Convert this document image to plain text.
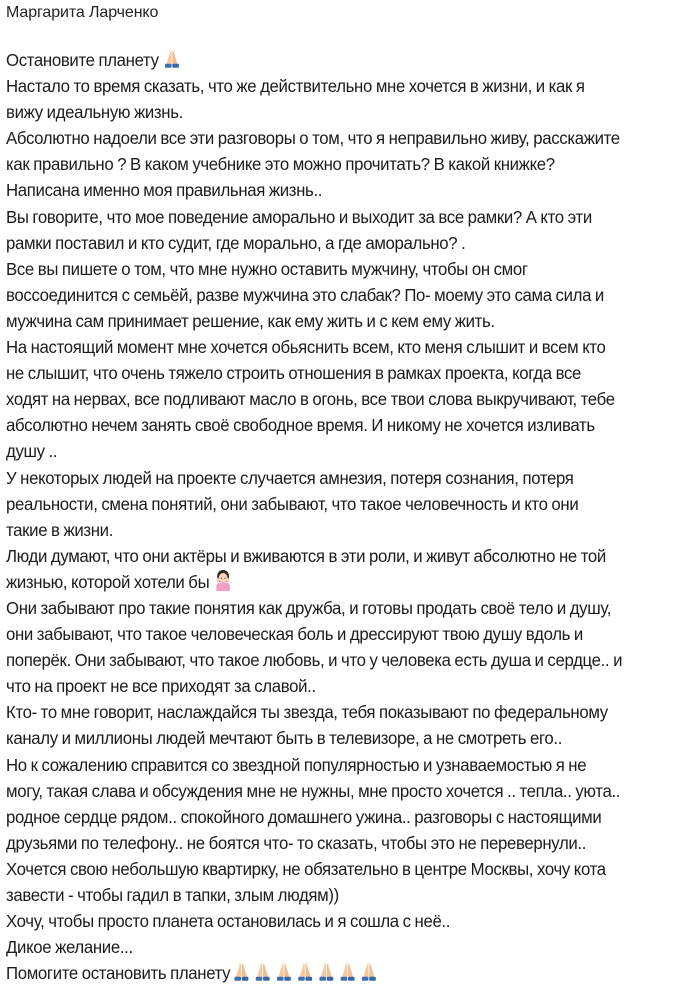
Маргарита Ларченко
Остановите планету
Настало то время сказать, что же действительно мне хочется в жизни, и как я
вижу идеальную жизнь.
Абсолютно надоели все эти разговоры о том, что я неправильно живу, расскажите
как правильно ? В каком учебнике это можно прочитать? В какой книжке?
Написана именно моя правильная жизнь..
Вы говорите, что мое поведение аморально и выходит за все рамки? А кто эти
рамки поставил и кто судит, где морально, а где аморально? .
Все вы пишете о том, что мне нужно оставить мужчину, чтобы он смог
воссоединится с семьёй, разве мужчина это слабак? По- моему это сама сила и
мужчина сам принимает решение, как ему жить и с кем ему жить.
На настоящий момент мне хочется обьяснить всем, кто меня слышит и всем кто
не слышит, что очень тяжело строить отношения в рамках проекта, когда все
ходят на нервах, все подливают масло в огонь, все твои слова выкручивают, тебе
абсолютно нечем занять своё свободное время. И никому не хочется изливать
душу ..
У некоторых людей на проекте случается амнезия, потеря сознания, потеря
реальности, смена понятий, они забывают, что такое человечность и кто они
такие в жизни.
Люди думают, что они актёры и вживаются в эти роли, и живут абсолютно не той
жизнью, которой хотели бы
Они забывают про такие понятия как дружба, и готовы продать своё тело и душу,
они забывают, что такое человеческая боль и дрессируют твою душу вдоль и
поперёк. Они забывают, что такое любовь, и что у человека есть душа и сердце.. и
что на проект не все приходят за славой..
Кто- то мне говорит, наслаждайся ты звезда, тебя показывают по федеральному
каналу и миллионы людей мечтают быть в телевизоре, а не смотреть его..
Но к сожалению справится со звездной популярностью и узнаваемостью я не
могу, такая слава и обсуждения мне не нужны, мне просто хочется .. тепла.. уюта..
родное сердце рядом.. спокойного домашнего ужина.. разговоры с настоящими
друзьями по телефону.. не боятся что- то сказать, чтобы это не перевернули..
Хочется свою небольшую квартирку, не обязательно в центре Москвы, хочу кота
завести - чтобы гадил в тапки, злым людям))
Хочу, чтобы просто планета остановилась и я сошла с неё..
Дикое желание...
Помогите остановить планету
